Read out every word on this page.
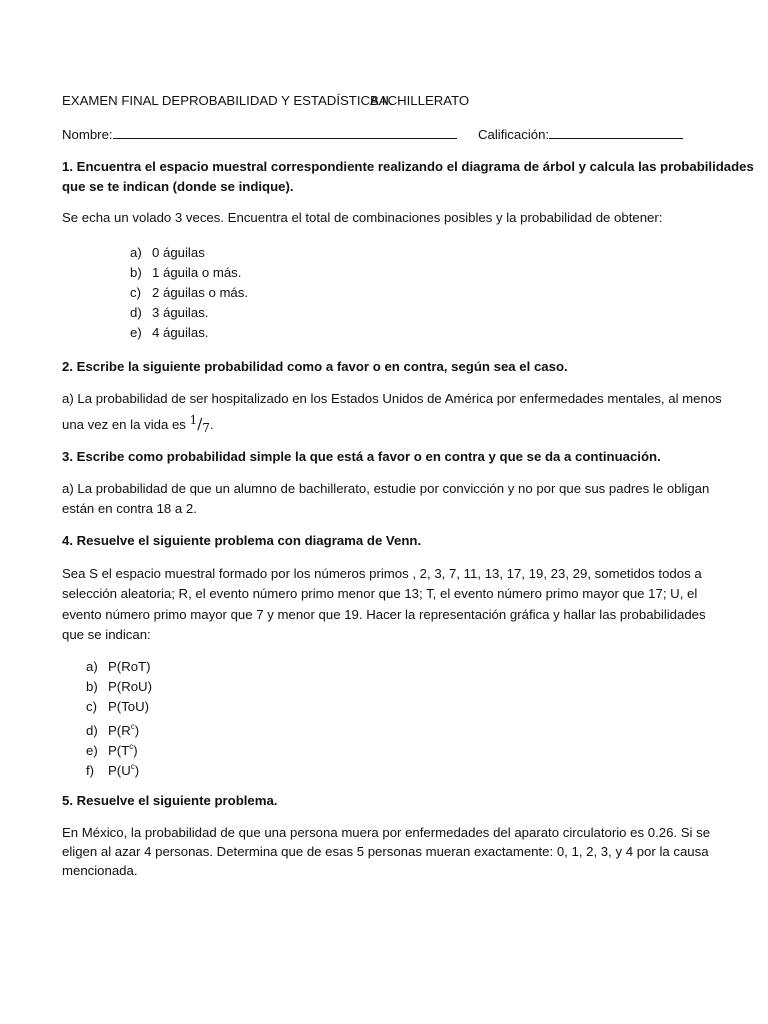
EXAMEN FINAL DEPROBABILIDAD Y ESTADÍSTICA II.
BACHILLERATO
Nombre:	Calificación:
1. Encuentra el espacio muestral correspondiente realizando el diagrama de árbol y calcula las probabilidades
que se te indican (donde se indique).
Se echa un volado 3 veces. Encuentra el total de combinaciones posibles y la probabilidad de obtener:
a) 0 águilas
b) 1 águila o más.
c) 2 águilas o más.
d) 3 águilas.
e) 4 águilas.
2. Escribe la siguiente probabilidad como a favor o en contra, según sea el caso.
a) La probabilidad de ser hospitalizado en los Estados Unidos de América por enfermedades mentales, al menos
una vez en la vida es $^1/_7$.
3. Escribe como probabilidad simple la que está a favor o en contra y que se da a continuación.
a) La probabilidad de que un alumno de bachillerato, estudie por convicción y no por que sus padres le obligan
están en contra 18 a 2.
4. Resuelve el siguiente problema con diagrama de Venn.
Sea S el espacio muestral formado por los números primos , 2, 3, 7, 11, 13, 17, 19, 23, 29, sometidos todos a
selección aleatoria; R, el evento número primo menor que 13; T, el evento número primo mayor que 17; U, el
evento número primo mayor que 7 y menor que 19. Hacer la representación gráfica y hallar las probabilidades
que se indican:
a) P(RoT)
b) P(RoU)
c) P(ToU)
d) $P(R^c)$
e) $P(T^c)$
f) $P(U^c)$
5. Resuelve el siguiente problema.
En México, la probabilidad de que una persona muera por enfermedades del aparato circulatorio es 0.26. Si se
eligen al azar 4 personas. Determina que de esas 5 personas mueran exactamente: 0, 1, 2, 3, y 4 por la causa
mencionada.
